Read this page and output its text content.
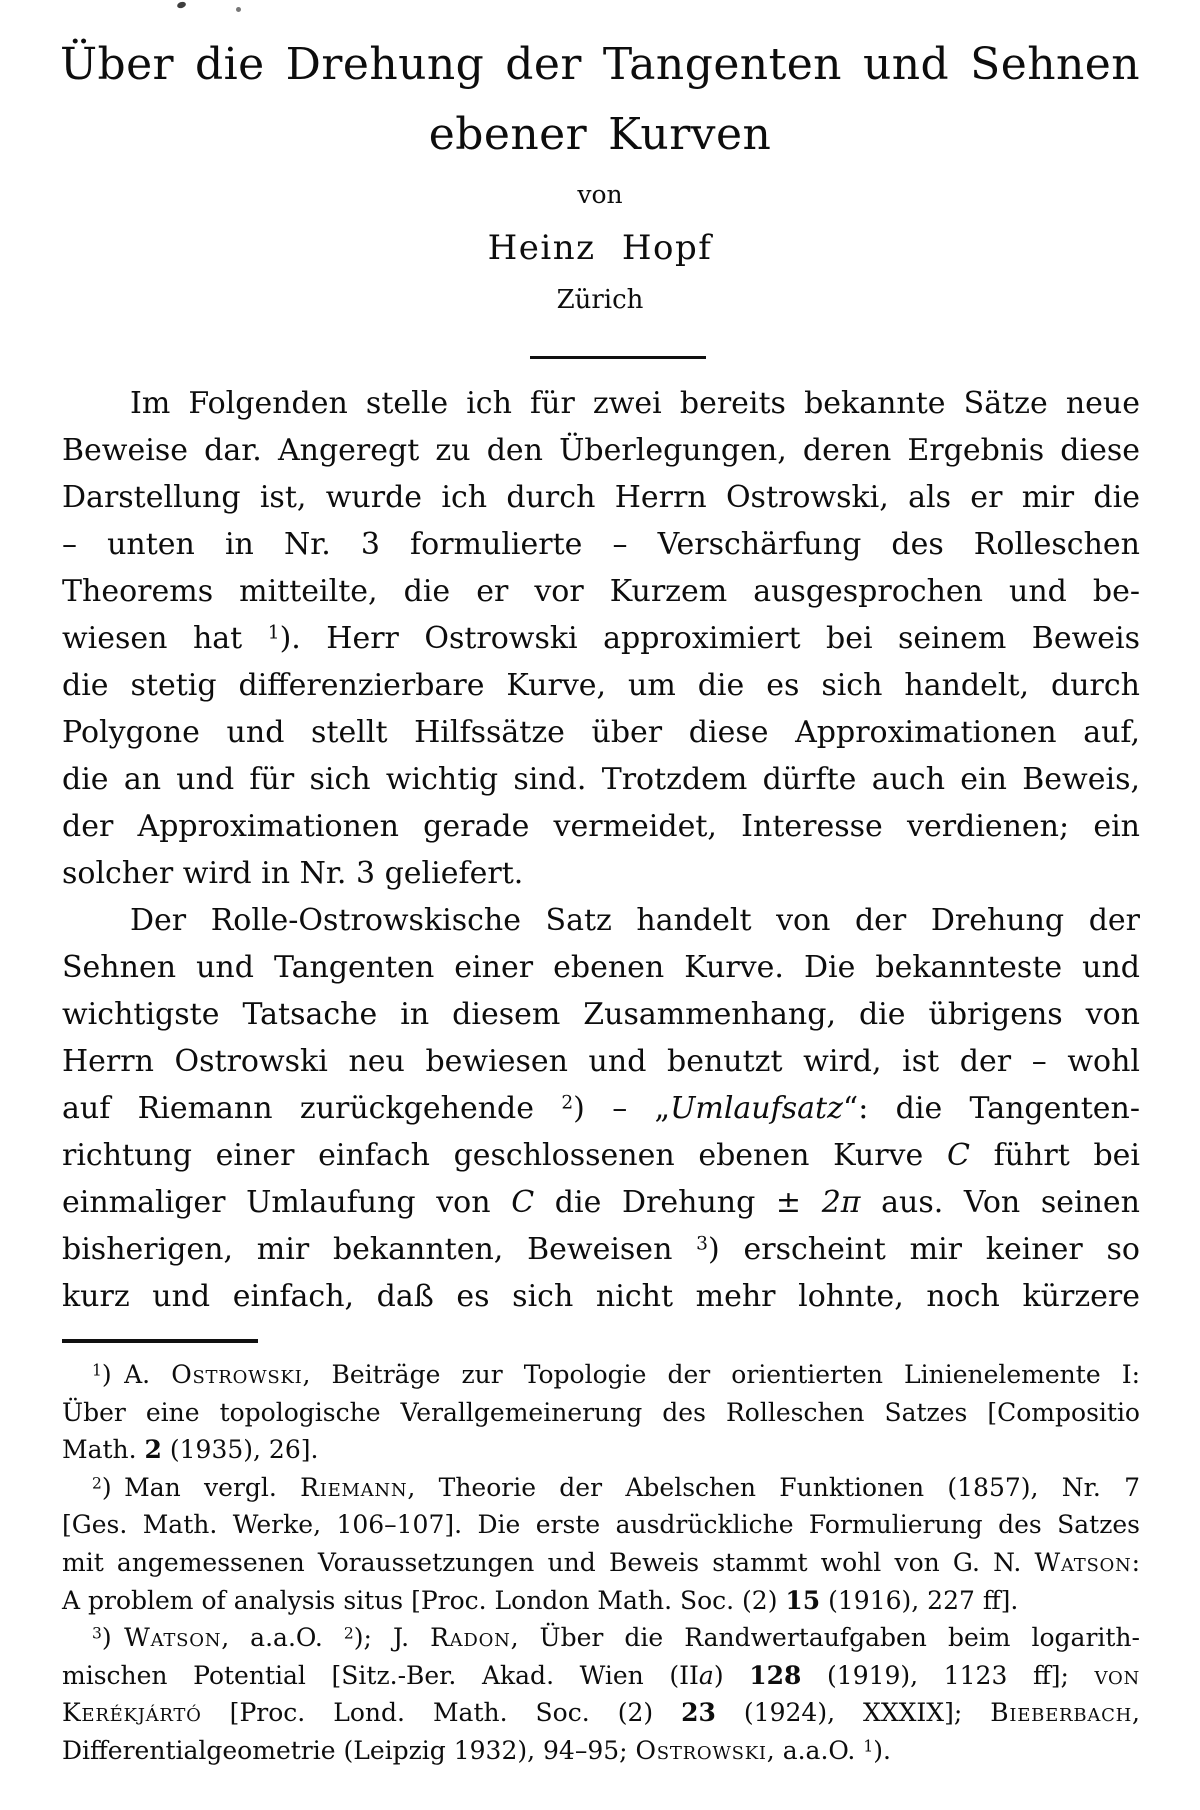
Über die Drehung der Tangenten und Sehnen
ebener Kurven
von
Heinz Hopf
Zürich
Im Folgenden stelle ich für zwei bereits bekannte Sätze neue
Beweise dar. Angeregt zu den Überlegungen, deren Ergebnis diese
Darstellung ist, wurde ich durch Herrn Ostrowski, als er mir die
– unten in Nr. 3 formulierte – Verschärfung des Rolleschen
Theorems mitteilte, die er vor Kurzem ausgesprochen und be-
wiesen hat $^1$). Herr Ostrowski approximiert bei seinem Beweis
die stetig differenzierbare Kurve, um die es sich handelt, durch
Polygone und stellt Hilfssätze über diese Approximationen auf,
die an und für sich wichtig sind. Trotzdem dürfte auch ein Beweis,
der Approximationen gerade vermeidet, Interesse verdienen; ein
solcher wird in Nr. 3 geliefert.
Der Rolle-Ostrowskische Satz handelt von der Drehung der
Sehnen und Tangenten einer ebenen Kurve. Die bekannteste und
wichtigste Tatsache in diesem Zusammenhang, die übrigens von
Herrn Ostrowski neu bewiesen und benutzt wird, ist der – wohl
auf Riemann zurückgehende $^2$) – „Umlaufsatz“: die Tangenten-
richtung einer einfach geschlossenen ebenen Kurve C führt bei
einmaliger Umlaufung von C die Drehung ± 2π aus. Von seinen
bisherigen, mir bekannten, Beweisen $^3$) erscheint mir keiner so
kurz und einfach, daß es sich nicht mehr lohnte, noch kürzere
$^1$) A. Ostrowski, Beiträge zur Topologie der orientierten Linienelemente I:
Über eine topologische Verallgemeinerung des Rolleschen Satzes [Compositio
Math. 2 (1935), 26].
$^2$) Man vergl. Riemann, Theorie der Abelschen Funktionen (1857), Nr. 7
[Ges. Math. Werke, 106–107]. Die erste ausdrückliche Formulierung des Satzes
mit angemessenen Voraussetzungen und Beweis stammt wohl von G. N. Watson:
A problem of analysis situs [Proc. London Math. Soc. (2) 15 (1916), 227 ff].
$^3$) Watson, a.a.O. $^2$); J. Radon, Über die Randwertaufgaben beim logarith-
mischen Potential [Sitz.-Ber. Akad. Wien (IIa) 128 (1919), 1123 ff]; von
Kerékjártó [Proc. Lond. Math. Soc. (2) 23 (1924), XXXIX]; Bieberbach,
Differentialgeometrie (Leipzig 1932), 94–95; Ostrowski, a.a.O. $^1$).
